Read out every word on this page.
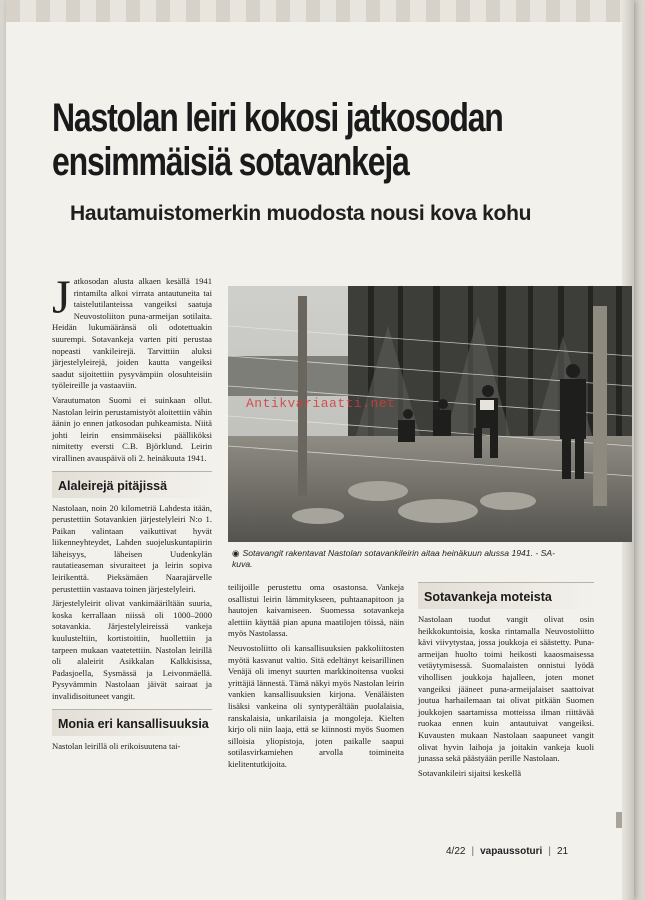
Nastolan leiri kokosi jatkosodan
ensimmäisiä sotavankeja
Hautamuistomerkin muodosta nousi kova kohu

Jatkosodan alusta alkaen kesällä 1941 rintamilta alkoi virrata antautuneita tai taistelutilanteissa vangeiksi saatuja Neuvostoliiton puna-armeijan sotilaita. Heidän lukumääränsä oli odotettuakin suurempi. Sotavankeja varten piti perustaa nopeasti vankileirejä. Tarvittiin aluksi järjestelyleirejä, joiden kautta vangeiksi saadut sijoitettiin pysyvämpiin olosuhteisiin työleireille ja vastaaviin.

Varautumaton Suomi ei suinkaan ollut. Nastolan leirin perustamistyöt aloitettiin vähin äänin jo ennen jatkosodan puhkeamista. Niitä johti leirin ensimmäiseksi päälliköksi nimitetty eversti C.B. Björklund. Leirin virallinen avauspäivä oli 2. heinäkuuta 1941.

Alaleirejä pitäjissä

Nastolaan, noin 20 kilometriä Lahdesta itään, perustettiin Sotavankien järjestelyleiri N:o 1. Paikan valintaan vaikuttivat hyvät liikenneyhteydet, Lahden suojeluskuntapiirin läheisyys, läheisen Uudenkylän rautatieaseman sivuraiteet ja leirin sopiva leirikenttä. Pieksämäen Naarajärvelle perustettiin vastaava toinen järjestelyleiri.

Järjestelyleirit olivat vankimääriltään suuria, koska kerrallaan niissä oli 1000–2000 sotavankia. Järjestelyleireissä vankeja kuulusteltiin, kortistoitiin, huollettiin ja tarpeen mukaan vaatetettiin. Nastolan leirillä oli alaleirit Asikkalan Kalkkisissa, Padasjoella, Sysmässä ja Leivonmäellä. Pysyvämmin Nastolaan jäivät sairaat ja invalidisoituneet vangit.

Monia eri kansallisuuksia

Nastolan leirillä oli erikoisuutena tai-

Antikvariaatti.net
◉ Sotavangit rakentavat Nastolan sotavankileirin aitaa heinäkuun alussa 1941. - SA-kuva.

teilijoille perustettu oma osastonsa. Vankeja osallistui leirin lämmitykseen, puhtaanapitoon ja hautojen kaivamiseen. Suomessa sotavankeja alettiin käyttää pian apuna maatilojen töissä, näin myös Nastolassa.

Neuvostoliitto oli kansallisuuksien pakkoliitosten myötä kasvanut valtio. Sitä edeltänyt keisarillinen Venäjä oli imenyt suurten markkinoitensa vuoksi yrittäjiä lännestä. Tämä näkyi myös Nastolan leirin vankien kansallisuuksien kirjona. Venäläisten lisäksi vankeina oli syntyperältään puolalaisia, ranskalaisia, unkarilaisia ja mongoleja. Kielten kirjo oli niin laaja, että se kiinnosti myös Suomen silloisia yliopistoja, joten paikalle saapui sotilasvirkamiehen arvolla toimineita kielitentutkijoita.

Sotavankeja moteista

Nastolaan tuodut vangit olivat osin heikkokuntoisia, koska rintamalla Neuvostoliitto kävi viivytystaa, jossa joukkoja ei säästetty. Puna-armeijan huolto toimi heikosti kaaosmaisessa vetäytymisessä. Suomalaisten onnistui lyödä vihollisen joukkoja hajalleen, joten monet vangeiksi jääneet puna-armeijalaiset saattoivat joutua harhailemaan tai olivat pitkään Suomen joukkojen saartamissa motteissa ilman riittävää ruokaa ennen kuin antautuivat vangeiksi. Kuvausten mukaan Nastolaan saapuneet vangit olivat hyvin laihoja ja joitakin vankeja kuoli junassa sekä päästyään perille Nastolaan.

Sotavankileiri sijaitsi keskellä

4/22 | vapaussoturi | 21
